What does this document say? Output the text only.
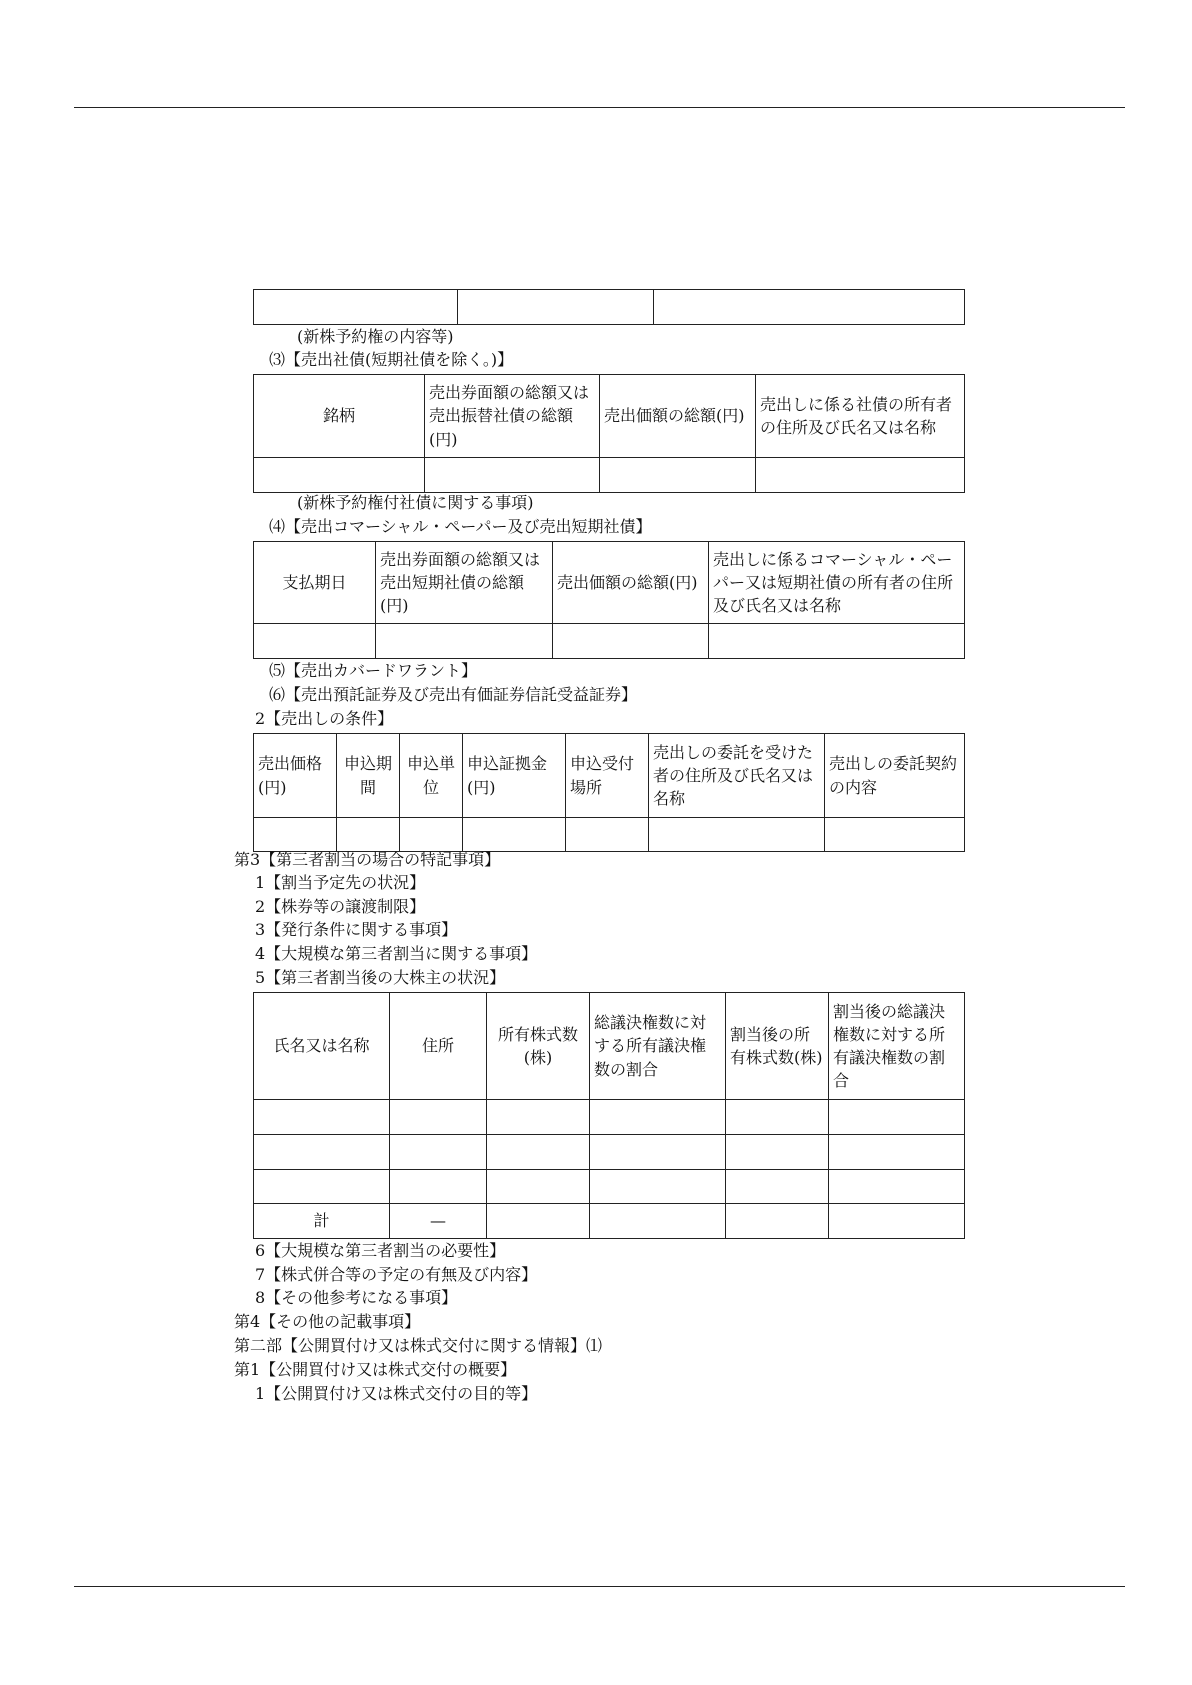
(新株予約権の内容等)
⑶【売出社債(短期社債を除く。)】
銘柄	売出券面額の総額又は売出振替社債の総額(円)	売出価額の総額(円)	売出しに係る社債の所有者の住所及び氏名又は名称

(新株予約権付社債に関する事項)
⑷【売出コマーシャル・ペーパー及び売出短期社債】
支払期日	売出券面額の総額又は売出短期社債の総額(円)	売出価額の総額(円)	売出しに係るコマーシャル・ペーパー又は短期社債の所有者の住所及び氏名又は名称

⑸【売出カバードワラント】
⑹【売出預託証券及び売出有価証券信託受益証券】
2【売出しの条件】
売出価格(円)	申込期間	申込単位	申込証拠金(円)	申込受付場所	売出しの委託を受けた者の住所及び氏名又は名称	売出しの委託契約の内容

第3【第三者割当の場合の特記事項】
1【割当予定先の状況】
2【株券等の譲渡制限】
3【発行条件に関する事項】
4【大規模な第三者割当に関する事項】
5【第三者割当後の大株主の状況】
氏名又は名称	住所	所有株式数(株)	総議決権数に対する所有議決権数の割合	割当後の所有株式数(株)	割当後の総議決権数に対する所有議決権数の割合

計	—				
6【大規模な第三者割当の必要性】
7【株式併合等の予定の有無及び内容】
8【その他参考になる事項】
第4【その他の記載事項】
第二部【公開買付け又は株式交付に関する情報】⑴
第1【公開買付け又は株式交付の概要】
1【公開買付け又は株式交付の目的等】
